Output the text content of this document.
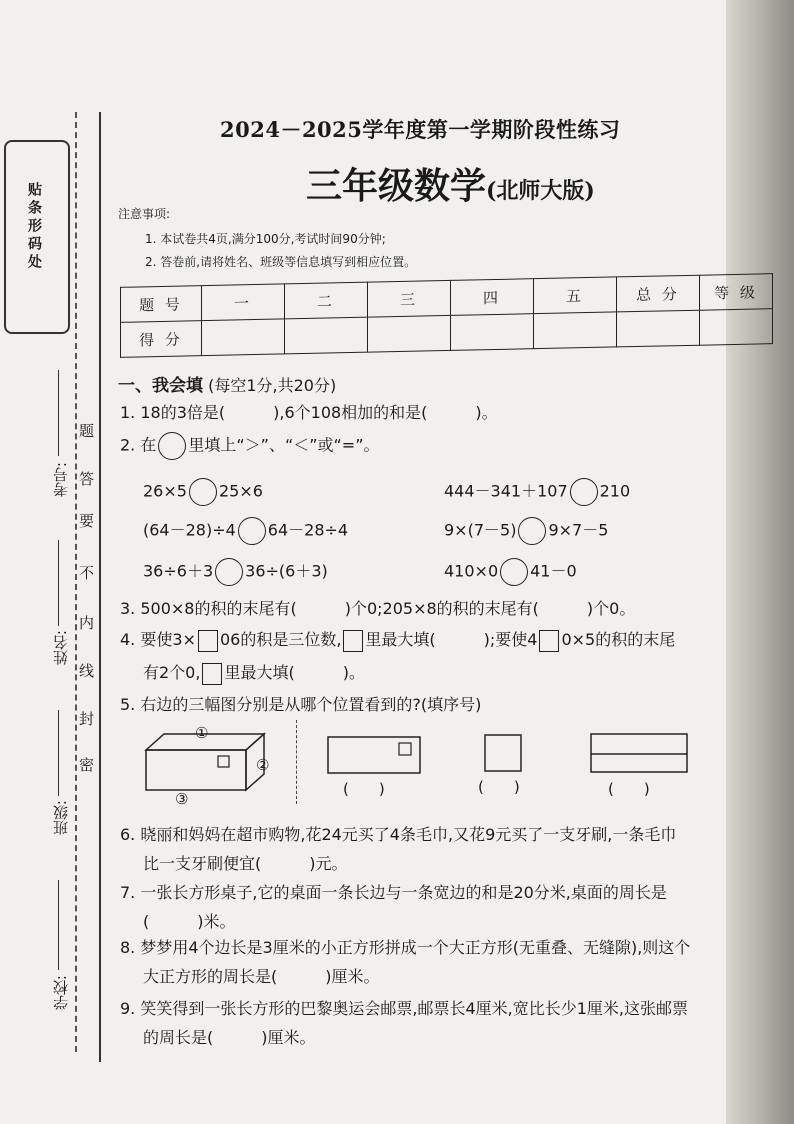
贴条形码处
考号:
姓名:
班级:
学校:
题
答
要
不
内
线
封
密
2024－2025学年度第一学期阶段性练习
三年级数学(北师大版)
注意事项:
1. 本试卷共4页,满分100分,考试时间90分钟;
2. 答卷前,请将姓名、班级等信息填写到相应位置。
题 号	一	二	三	四	五	总 分	等 级
得 分							
一、我会填 (每空1分,共20分)
1. 18的3倍是(　　　),6个108相加的和是(　　　)。
2. 在 里填上“＞”、“＜”或“=”。
26×5 25×6	444－341＋107 210
(64－28)÷4 64－28÷4	9×(7－5) 9×7－5
36÷6＋3 36÷(6＋3)	410×0 41－0
3. 500×8的积的末尾有(　　　)个0;205×8的积的末尾有(　　　)个0。
4. 要使3× 06的积是三位数, 里最大填(　　　);要使4 0×5的积的末尾
有2个0, 里最大填(　　　)。
5. 右边的三幅图分别是从哪个位置看到的?(填序号)
①
②
③
(　　)	(　　)	(　　)
6. 晓丽和妈妈在超市购物,花24元买了4条毛巾,又花9元买了一支牙刷,一条毛巾
比一支牙刷便宜(　　　)元。
7. 一张长方形桌子,它的桌面一条长边与一条宽边的和是20分米,桌面的周长是
(　　　)米。
8. 梦梦用4个边长是3厘米的小正方形拼成一个大正方形(无重叠、无缝隙),则这个
大正方形的周长是(　　　)厘米。
9. 笑笑得到一张长方形的巴黎奥运会邮票,邮票长4厘米,宽比长少1厘米,这张邮票
的周长是(　　　)厘米。
